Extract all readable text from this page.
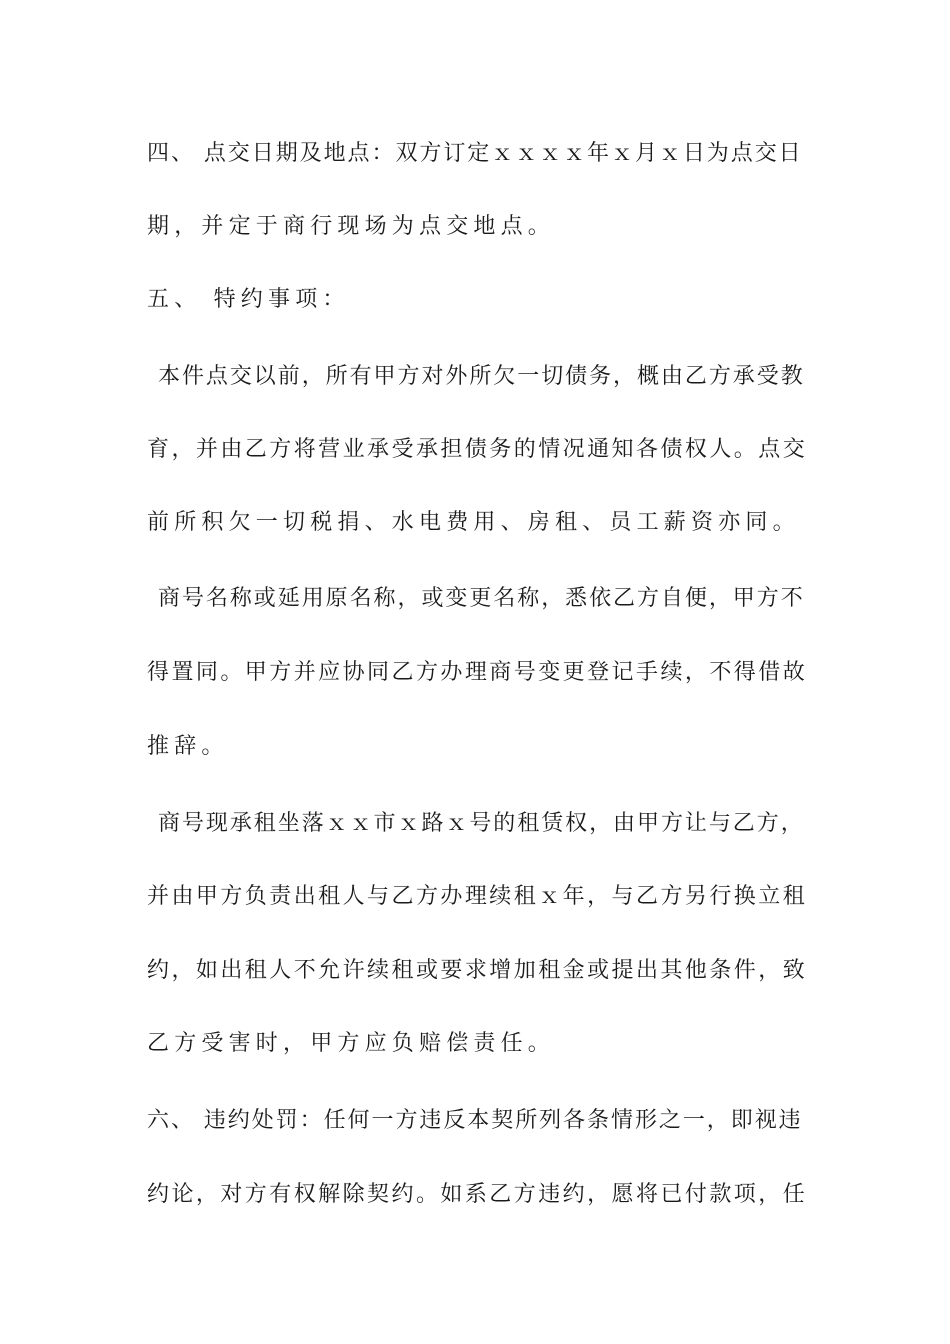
四、 点交日期及地点：双方订定ｘｘｘｘ年ｘ月ｘ日为点交日
期，并定于商行现场为点交地点。
五、 特约事项：
本件点交以前，所有甲方对外所欠一切债务，概由乙方承受教
育，并由乙方将营业承受承担债务的情况通知各债权人。点交
前所积欠一切税捐、水电费用、房租、员工薪资亦同。
商号名称或延用原名称，或变更名称，悉依乙方自便，甲方不
得置同。甲方并应协同乙方办理商号变更登记手续，不得借故
推辞。
商号现承租坐落ｘｘ市ｘ路ｘ号的租赁权，由甲方让与乙方，
并由甲方负责出租人与乙方办理续租ｘ年，与乙方另行换立租
约，如出租人不允许续租或要求增加租金或提出其他条件，致
乙方受害时，甲方应负赔偿责任。
六、 违约处罚：任何一方违反本契所列各条情形之一，即视违
约论，对方有权解除契约。如系乙方违约，愿将已付款项，任
